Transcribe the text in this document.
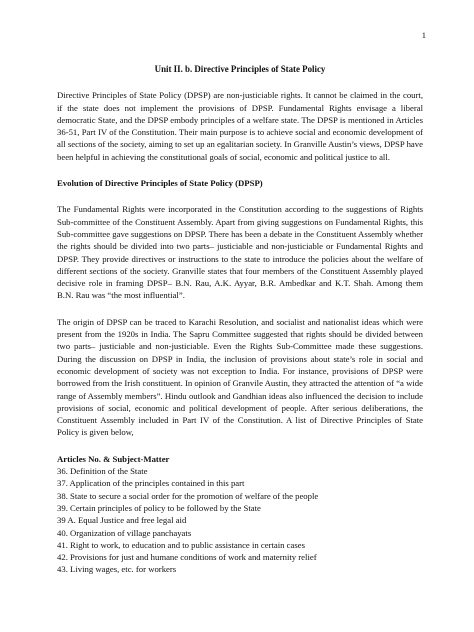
1
Unit II. b. Directive Principles of State Policy

Directive Principles of State Policy (DPSP) are non-justiciable rights. It cannot be claimed in the court, if the state does not implement the provisions of DPSP. Fundamental Rights envisage a liberal democratic State, and the DPSP embody principles of a welfare state. The DPSP is mentioned in Articles 36-51, Part IV of the Constitution. Their main purpose is to achieve social and economic development of all sections of the society, aiming to set up an egalitarian society. In Granville Austin’s views, DPSP have been helpful in achieving the constitutional goals of social, economic and political justice to all.

Evolution of Directive Principles of State Policy (DPSP)

The Fundamental Rights were incorporated in the Constitution according to the suggestions of Rights Sub-committee of the Constituent Assembly. Apart from giving suggestions on Fundamental Rights, this Sub-committee gave suggestions on DPSP. There has been a debate in the Constituent Assembly whether the rights should be divided into two parts– justiciable and non-justiciable or Fundamental Rights and DPSP. They provide directives or instructions to the state to introduce the policies about the welfare of different sections of the society. Granville states that four members of the Constituent Assembly played decisive role in framing DPSP– B.N. Rau, A.K. Ayyar, B.R. Ambedkar and K.T. Shah. Among them B.N. Rau was “the most influential”.

The origin of DPSP can be traced to Karachi Resolution, and socialist and nationalist ideas which were present from the 1920s in India. The Sapru Committee suggested that rights should be divided between two parts– justiciable and non-justiciable. Even the Rights Sub-Committee made these suggestions. During the discussion on DPSP in India, the inclusion of provisions about state’s role in social and economic development of society was not exception to India. For instance, provisions of DPSP were borrowed from the Irish constituent. In opinion of Granvile Austin, they attracted the attention of “a wide range of Assembly members”. Hindu outlook and Gandhian ideas also influenced the decision to include provisions of social, economic and political development of people. After serious deliberations, the Constituent Assembly included in Part IV of the Constitution. A list of Directive Principles of State Policy is given below,

Articles No. & Subject-Matter
36. Definition of the State
37. Application of the principles contained in this part
38. State to secure a social order for the promotion of welfare of the people
39. Certain principles of policy to be followed by the State
39 A. Equal Justice and free legal aid
40. Organization of village panchayats
41. Right to work, to education and to public assistance in certain cases
42. Provisions for just and humane conditions of work and maternity relief
43. Living wages, etc. for workers
